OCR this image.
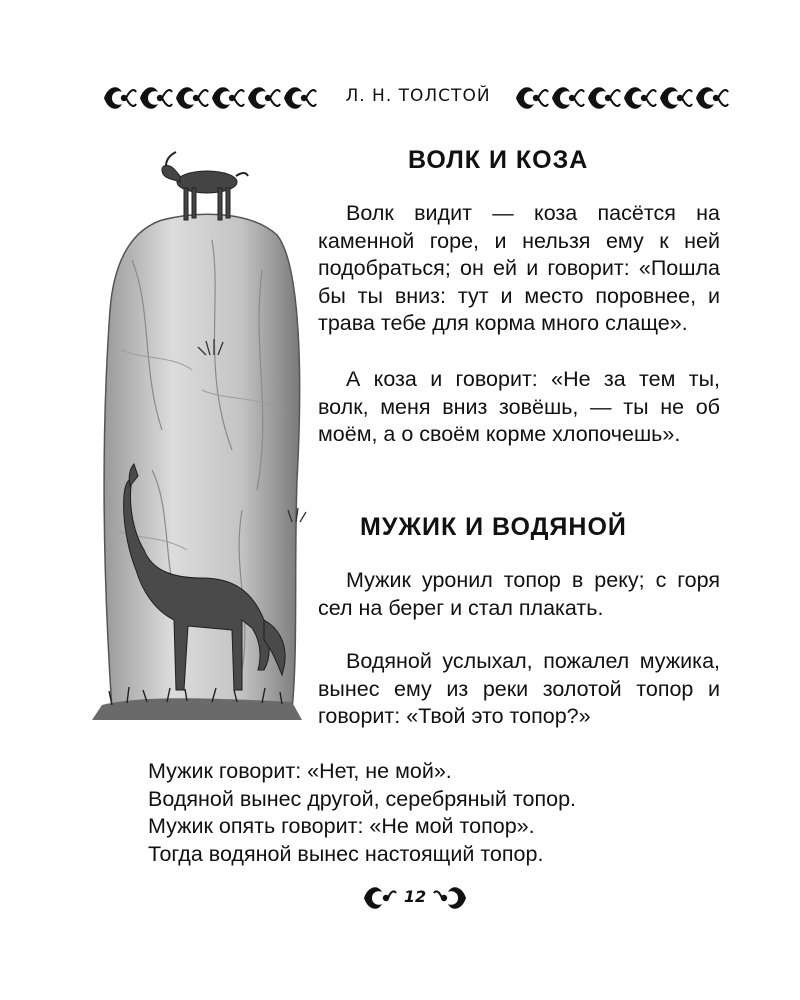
Л. Н. ТОЛСТОЙ
ВОЛК И КОЗА
Волк видит — коза пасётся на каменной горе, и нельзя ему к ней подобраться; он ей и говорит: «Пошла бы ты вниз: тут и место поровнее, и трава тебе для корма много слаще».
А коза и говорит: «Не за тем ты, волк, меня вниз зовёшь, — ты не об моём, а о своём корме хлопочешь».
МУЖИК И ВОДЯНОЙ
Мужик уронил топор в реку; с горя сел на берег и стал плакать.
Водяной услыхал, пожалел мужика, вынес ему из реки золотой топор и говорит: «Твой это топор?»
Мужик говорит: «Нет, не мой».
Водяной вынес другой, серебряный топор.
Мужик опять говорит: «Не мой топор».
Тогда водяной вынес настоящий топор.
12
